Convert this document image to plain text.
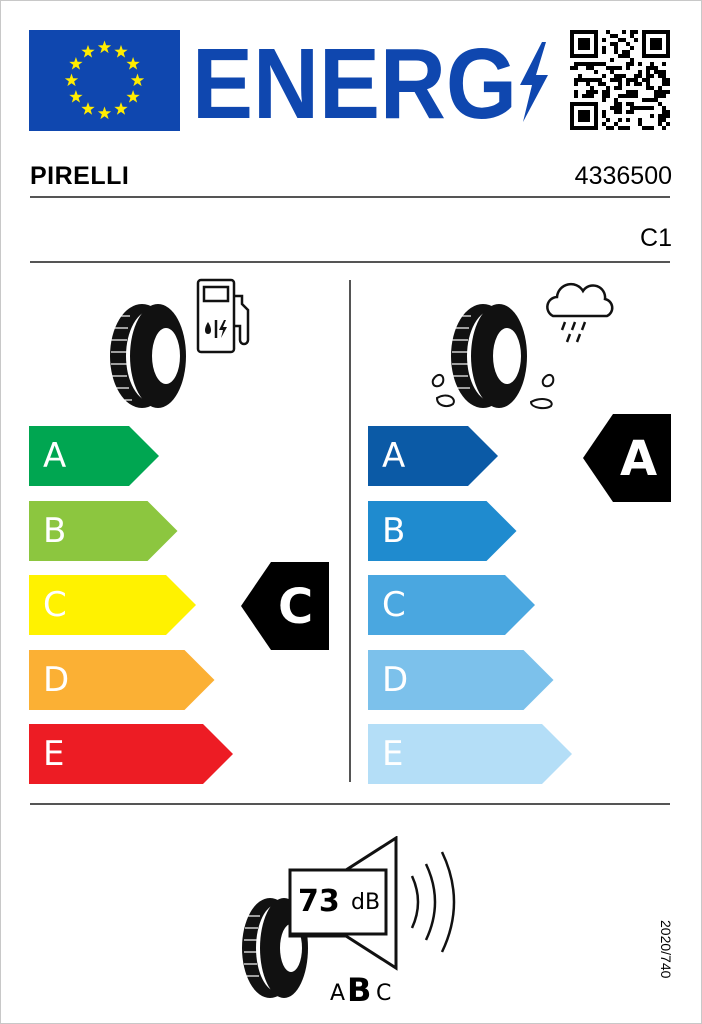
ENERG
PIRELLI	4336500
C1
A
B
C
D
E
C
A
B
C
D
E
A
73 dB
A B C
2020/740
